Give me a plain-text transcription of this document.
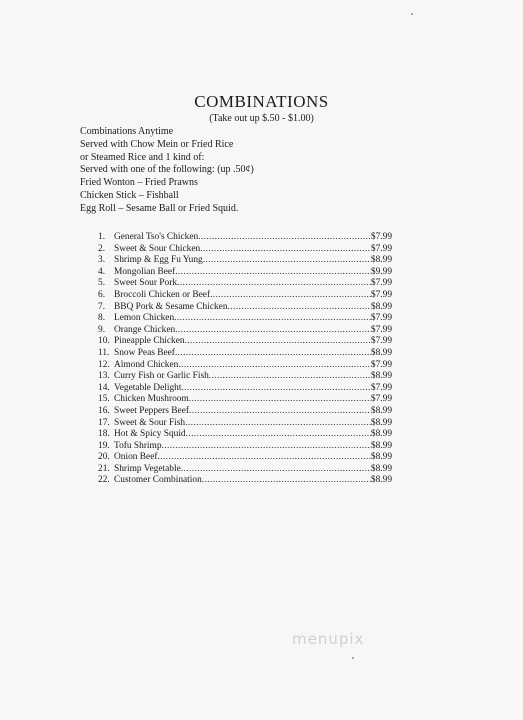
COMBINATIONS
(Take out up $.50 - $1.00)
Combinations Anytime
Served with Chow Mein or Fried Rice
or Steamed Rice and 1 kind of:
Served with one of the following: (up .50¢)
Fried Wonton – Fried Prawns
Chicken Stick – Fishball
Egg Roll – Sesame Ball or Fried Squid.
1. General Tso's Chicken .....	$7.99
2. Sweet & Sour Chicken .....	$7.99
3. Shrimp & Egg Fu Yung .....	$8.99
4. Mongolian Beef .....	$9.99
5. Sweet Sour Pork .....	$7.99
6. Broccoli Chicken or Beef .....	$7.99
7. BBQ Pork & Sesame Chicken .....	$8.99
8. Lemon Chicken .....	$7.99
9. Orange Chicken .....	$7.99
10. Pineapple Chicken .....	$7.99
11. Snow Peas Beef .....	$8.99
12. Almond Chicken .....	$7.99
13. Curry Fish or Garlic Fish .....	$8.99
14. Vegetable Delight .....	$7.99
15. Chicken Mushroom .....	$7.99
16. Sweet Peppers Beef .....	$8.99
17. Sweet & Sour Fish .....	$8.99
18. Hot & Spicy Squid .....	$8.99
19. Tofu Shrimp .....	$8.99
20. Onion Beef .....	$8.99
21. Shrimp Vegetable .....	$8.99
22. Customer Combination .....	$8.99
menupix
